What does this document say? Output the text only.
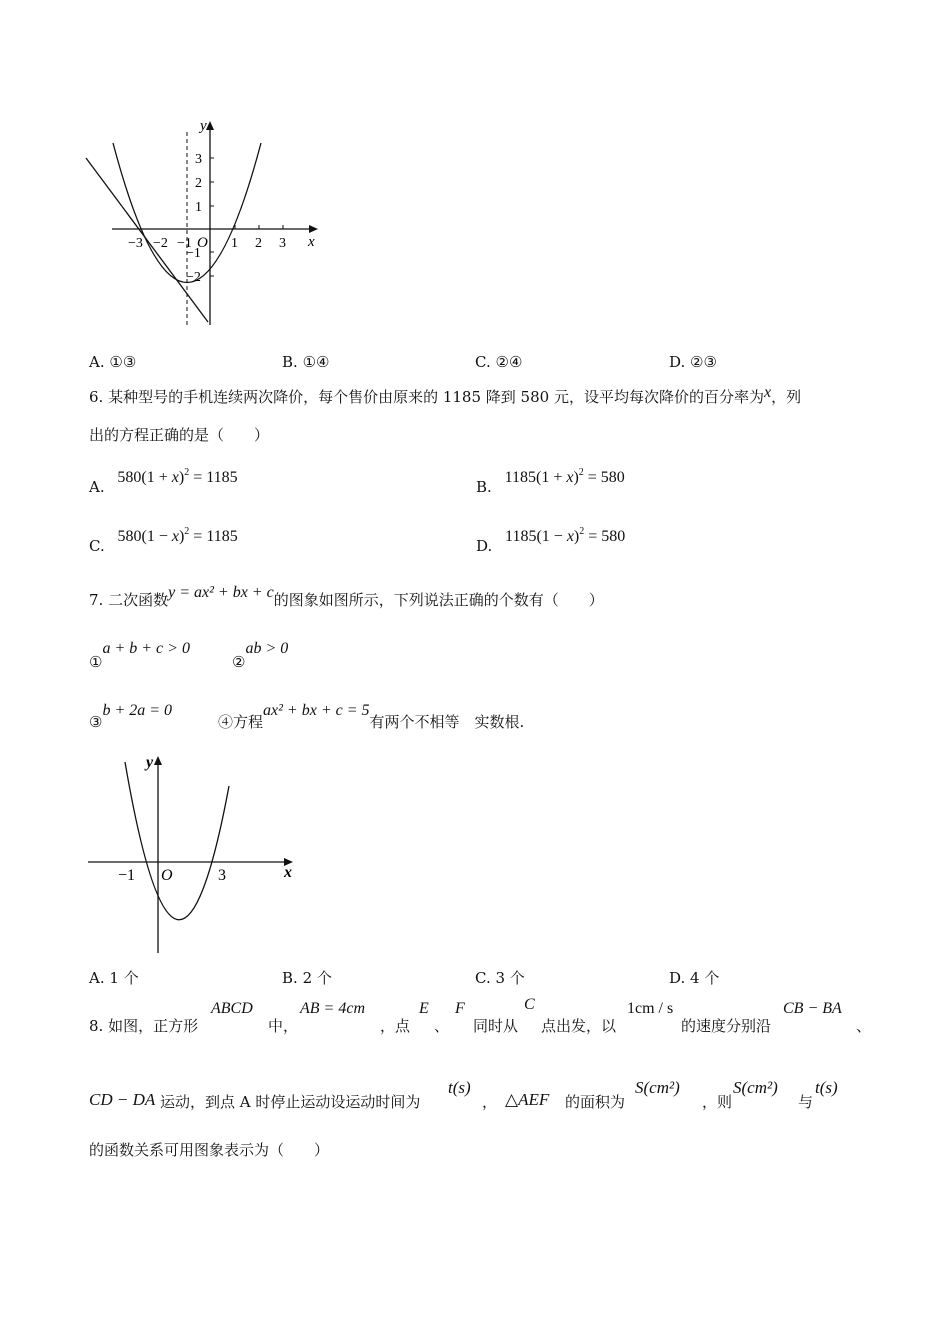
y
x
O
3
2
1
−1
−2
−3 −2 −1	1 2 3
A. ①③	B. ①④	C. ②④	D. ②③
6. 某种型号的手机连续两次降价，每个售价由原来的 1185 降到 580 元，设平均每次降价的百分率为x，列
出的方程正确的是（　　）
A. $580(1 + x)^2 = 1185$
B. $1185(1 + x)^2 = 580$
C. $580(1 - x)^2 = 1185$
D. $1185(1 - x)^2 = 580$
7. 二次函数y = ax² + bx + c的图象如图所示，下列说法正确的个数有（　　）
①a + b + c > 0
②ab > 0
③b + 2a = 0
④方程ax² + bx + c = 5有两个不相等　实数根.
y
x
O
−1	3
A. 1 个	B. 2 个	C. 3 个	D. 4 个
8. 如图，正方形
ABCD
中，
AB = 4cm
，点
E
、
F
同时从
C
点出发，以
1cm / s
的速度分别沿
CB − BA
、
CD − DA 运动，到点 A 时停止运动设运动时间为
t(s)
， △AEF 的面积为
S(cm²)
，则
S(cm²)
与
t(s)
的函数关系可用图象表示为（　　）
